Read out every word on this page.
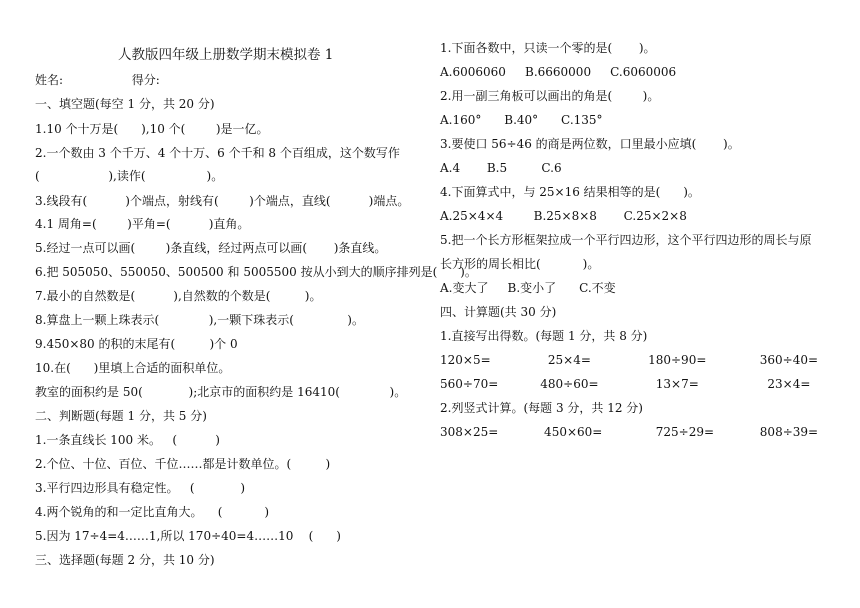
人教版四年级上册数学期末模拟卷 1
姓名:                  得分:
一、填空题(每空 1 分，共 20 分)
1.10 个十万是(      ),10 个(        )是一亿。
2.一个数由 3 个千万、4 个十万、6 个千和 8 个百组成，这个数写作
(                  ),读作(                )。
3.线段有(          )个端点，射线有(        )个端点，直线(          )端点。
4.1 周角=(        )平角=(          )直角。
5.经过一点可以画(        )条直线，经过两点可以画(       )条直线。
6.把 505050、550050、500500 和 5005500 按从小到大的顺序排列是(      )。
7.最小的自然数是(          ),自然数的个数是(         )。
8.算盘上一颗上珠表示(             ),一颗下珠表示(              )。
9.450×80 的积的末尾有(         )个 0
10.在(      )里填上合适的面积单位。
教室的面积约是 50(            );北京市的面积约是 16410(             )。
二、判断题(每题 1 分，共 5 分)
1.一条直线长 100 米。   (          )
2.个位、十位、百位、千位……都是计数单位。(         )
3.平行四边形具有稳定性。   (            )
4.两个锐角的和一定比直角大。    (           )
5.因为 17÷4=4……1,所以 170÷40=4……10    (      )
三、选择题(每题 2 分，共 10 分)
1.下面各数中，只读一个零的是(       )。
A.6006060     B.6660000     C.6060006
2.用一副三角板可以画出的角是(        )。
A.160°      B.40°      C.135°
3.要使口 56÷46 的商是两位数，口里最小应填(       )。
A.4       B.5         C.6
4.下面算式中，与 25×16 结果相等的是(      )。
A.25×4×4        B.25×8×8       C.25×2×8
5.把一个长方形框架拉成一个平行四边形，这个平行四边形的周长与原
长方形的周长相比(           )。
A.变大了     B.变小了      C.不变
四、计算题(共 30 分)
1.直接写出得数。(每题 1 分，共 8 分)
120×5=               25×4=               180÷90=              360÷40=
560÷70=           480÷60=               13×7=                  23×4=
2.列竖式计算。(每题 3 分，共 12 分)
308×25=            450×60=              725÷29=            808÷39=
